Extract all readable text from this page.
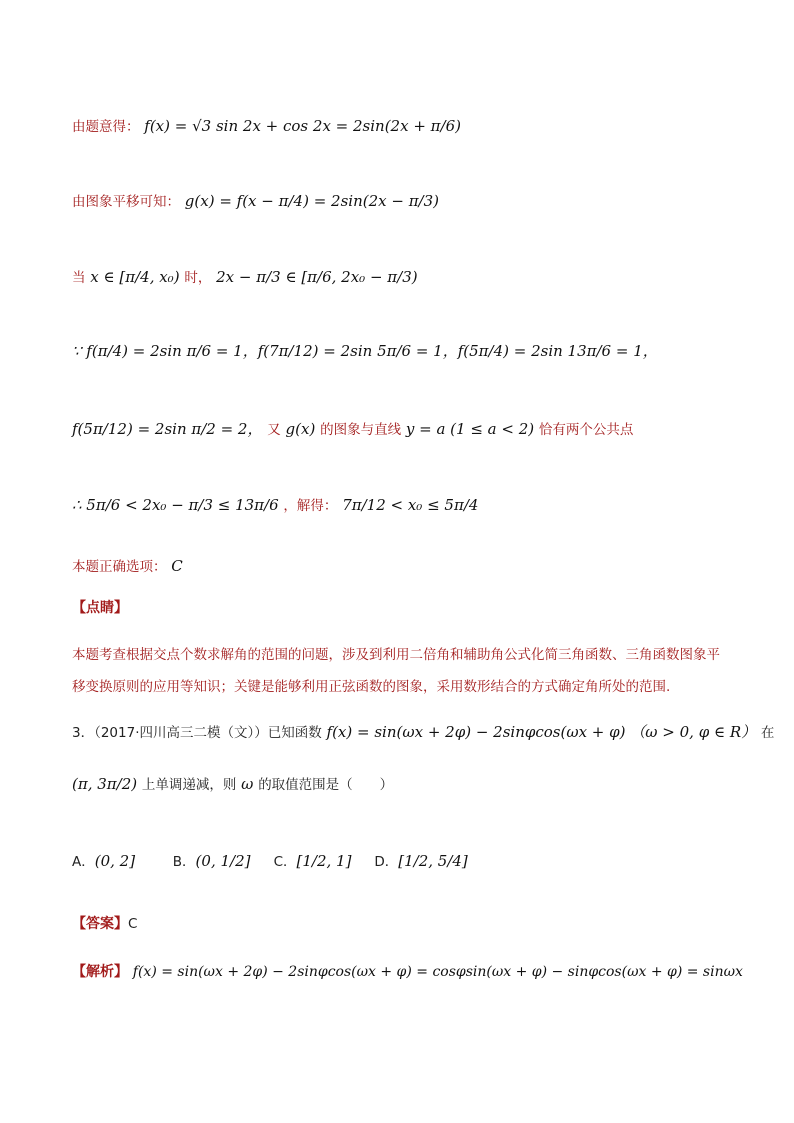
由题意得： f(x) = √3 sin 2x + cos 2x = 2sin(2x + π/6)
由图象平移可知： g(x) = f(x − π/4) = 2sin(2x − π/3)
当 x ∈ [π/4, x₀) 时， 2x − π/3 ∈ [π/6, 2x₀ − π/3)
∵ f(π/4) = 2sin π/6 = 1，f(7π/12) = 2sin 5π/6 = 1，f(5π/4) = 2sin 13π/6 = 1，
f(5π/12) = 2sin π/2 = 2， 又 g(x) 的图象与直线 y = a (1 ≤ a < 2) 恰有两个公共点
∴ 5π/6 < 2x₀ − π/3 ≤ 13π/6 ，解得： 7π/12 < x₀ ≤ 5π/4
本题正确选项： C
【点睛】
本题考查根据交点个数求解角的范围的问题，涉及到利用二倍角和辅助角公式化简三角函数、三角函数图象平移变换原则的应用等知识；关键是能够利用正弦函数的图象，采用数形结合的方式确定角所处的范围.
3．（2017·四川高三二模（文））已知函数 f(x) = sin(ωx + 2φ) − 2sinφcos(ωx + φ) （ω > 0, φ ∈ R） 在
(π, 3π/2) 上单调递减，则 ω 的取值范围是（　　）
A．(0, 2]	B．(0, 1/2] C．[1/2, 1] D．[1/2, 5/4]
【答案】C
【解析】 f(x) = sin(ωx + 2φ) − 2sinφcos(ωx + φ) = cosφsin(ωx + φ) − sinφcos(ωx + φ) = sinωx
